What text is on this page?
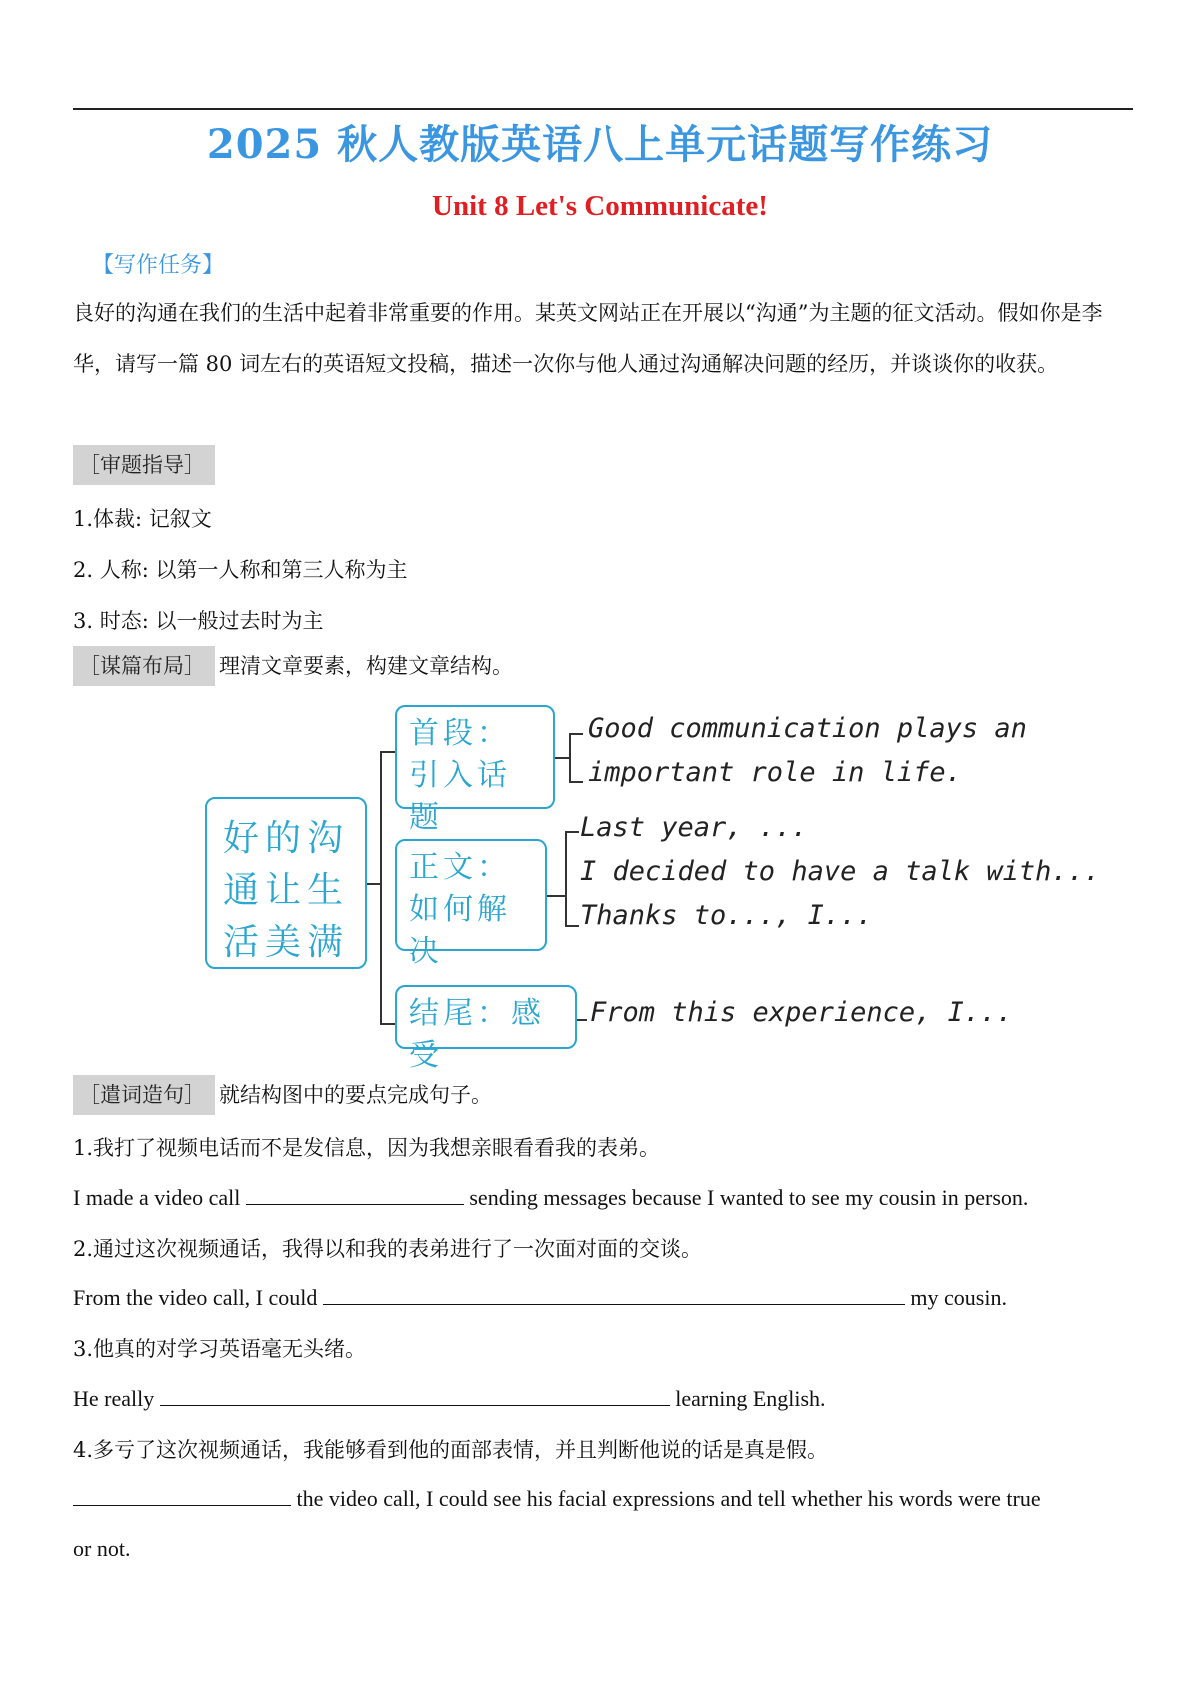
2025 秋人教版英语八上单元话题写作练习
Unit 8 Let's Communicate!
【写作任务】

良好的沟通在我们的生活中起着非常重要的作用。某英文网站正在开展以“沟通”为主题的征文活动。假如你是李华，请写一篇 80 词左右的英语短文投稿，描述一次你与他人通过沟通解决问题的经历，并谈谈你的收获。

［审题指导］
1.体裁: 记叙文
2. 人称: 以第一人称和第三人称为主
3. 时态: 以一般过去时为主
［谋篇布局］ 理清文章要素，构建文章结构。
好的沟通让生活美满
首段：引入话题
正文：如何解决
结尾：感受
Good communication plays an
important role in life.
Last year, ...
I decided to have a talk with...
Thanks to..., I...
From this experience, I...
［遣词造句］ 就结构图中的要点完成句子。
1.我打了视频电话而不是发信息，因为我想亲眼看看我的表弟。
I made a video call	sending messages because I wanted to see my cousin in person.
2.通过这次视频通话，我得以和我的表弟进行了一次面对面的交谈。
From the video call, I could	my cousin.
3.他真的对学习英语毫无头绪。
He really	learning English.
4.多亏了这次视频通话，我能够看到他的面部表情，并且判断他说的话是真是假。
the video call, I could see his facial expressions and tell whether his words were true
or not.
